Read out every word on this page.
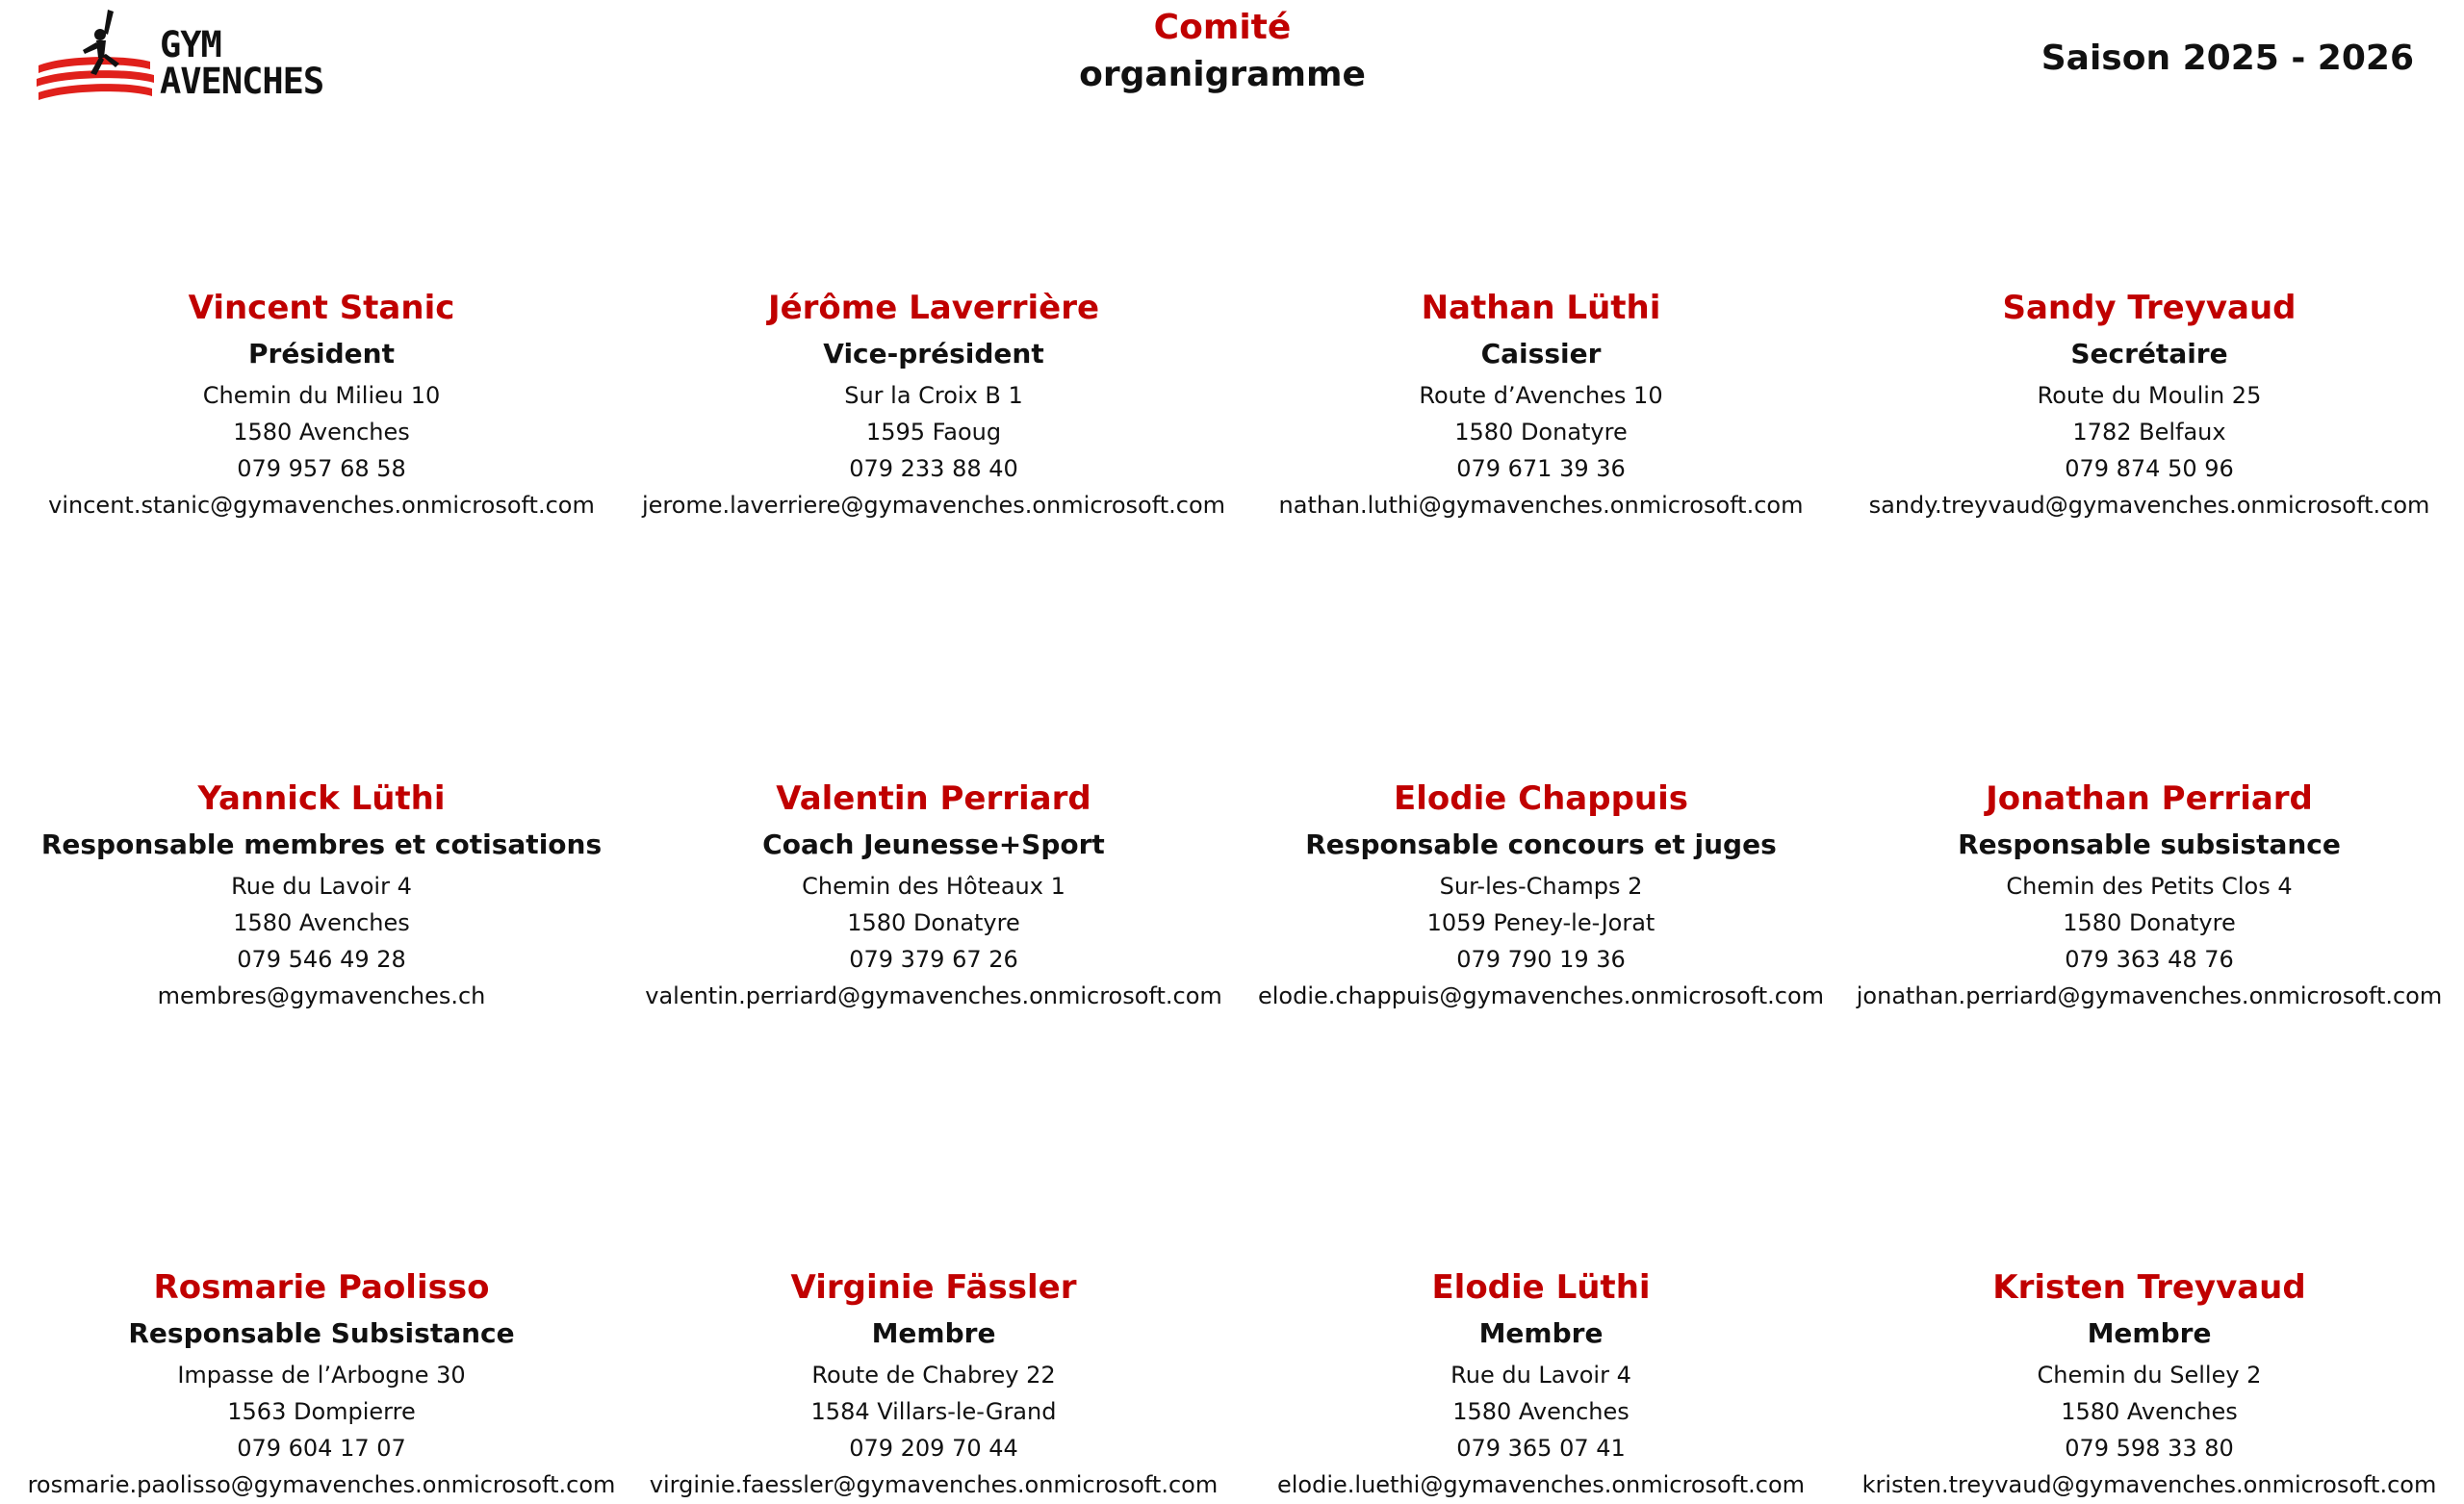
GYM
AVENCHES
Comité
organigramme	Saison 2025 - 2026
Vincent Stanic
Président
Chemin du Milieu 10
1580 Avenches
079 957 68 58
vincent.stanic@gymavenches.onmicrosoft.com
Jérôme Laverrière
Vice-président
Sur la Croix B 1
1595 Faoug
079 233 88 40
jerome.laverriere@gymavenches.onmicrosoft.com
Nathan Lüthi
Caissier
Route d’Avenches 10
1580 Donatyre
079 671 39 36
nathan.luthi@gymavenches.onmicrosoft.com
Sandy Treyvaud
Secrétaire
Route du Moulin 25
1782 Belfaux
079 874 50 96
sandy.treyvaud@gymavenches.onmicrosoft.com
Yannick Lüthi
Responsable membres et cotisations
Rue du Lavoir 4
1580 Avenches
079 546 49 28
membres@gymavenches.ch
Valentin Perriard
Coach Jeunesse+Sport
Chemin des Hôteaux 1
1580 Donatyre
079 379 67 26
valentin.perriard@gymavenches.onmicrosoft.com
Elodie Chappuis
Responsable concours et juges
Sur-les-Champs 2
1059 Peney-le-Jorat
079 790 19 36
elodie.chappuis@gymavenches.onmicrosoft.com
Jonathan Perriard
Responsable subsistance
Chemin des Petits Clos 4
1580 Donatyre
079 363 48 76
jonathan.perriard@gymavenches.onmicrosoft.com
Rosmarie Paolisso
Responsable Subsistance
Impasse de l’Arbogne 30
1563 Dompierre
079 604 17 07
rosmarie.paolisso@gymavenches.onmicrosoft.com
Virginie Fässler
Membre
Route de Chabrey 22
1584 Villars-le-Grand
079 209 70 44
virginie.faessler@gymavenches.onmicrosoft.com
Elodie Lüthi
Membre
Rue du Lavoir 4
1580 Avenches
079 365 07 41
elodie.luethi@gymavenches.onmicrosoft.com
Kristen Treyvaud
Membre
Chemin du Selley 2
1580 Avenches
079 598 33 80
kristen.treyvaud@gymavenches.onmicrosoft.com
